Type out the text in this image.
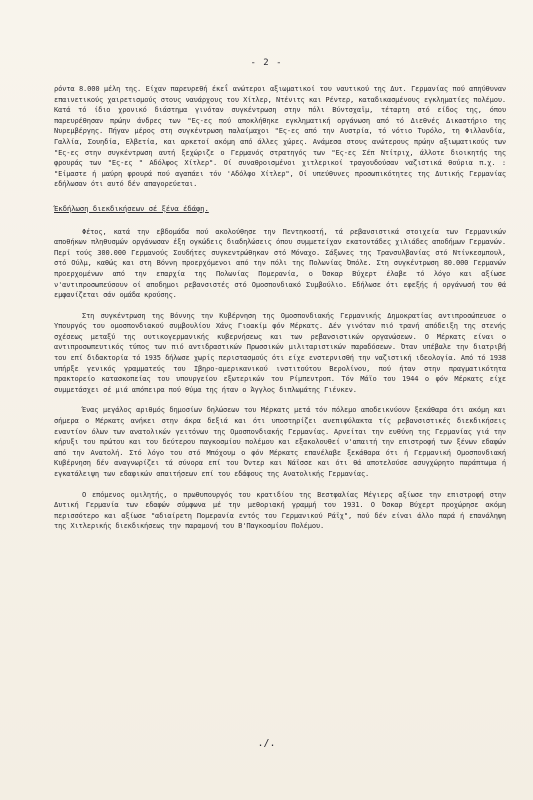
- 2 -

ρόντα 8.000 μέλη της. Είχαν παρευρεθή έκεΐ ανώτεροι αξιωματικοί του ναυτικού της Δυτ. Γερμανίας πού απηύθυναν επαινετικούς χαιρετισμούς στους ναυάρχους του Χίτλερ, Ντένιτς και Ρέντερ, καταδικασμένους εγκληματίες πολέμου. Κατά τό ίδιο χρονικό διάστημα γινόταν συγκέντρωση στην πόλι Βύντσχαϊμ, τέταρτη στό είδος της, όπου παρευρέθησαν πρώην άνδρες των "Ες-ες πού αποκλήθηκε εγκληματική οργάνωση από τό Διεθνές Δικαστήριο της Νυρεμβέργης. Πήγαν μέρος στη συγκέντρωση παλαίμαχοι "Ες-ες από την Αυστρία, τό νότιο Τυρόλο, τη Φιλλανδία, Γαλλία, Σουηδία, Ελβετία, και αρκετοί ακόμη από άλλες χώρες. Ανάμεσα στους ανώτερους πρώην αξιωματικούς των "Ες-ες στην συγκέντρωση αυτή ξεχώριζε ο Γερμανός στρατηγός των "Ες-ες Σέπ Ντίτριχ, άλλοτε διοικητής της φρουράς των "Ες-ες " Αδόλφος Χίτλερ". Οί συναθροισμένοι χιτλερικοί τραγουδούσαν ναζιστικά θούρια π.χ. : "Είμαστε ή μαύρη φρουρά πού αγαπάει τόν 'Αδόλφο Χίτλερ", Οί υπεύθυνες προσωπικότητες της Δυτικής Γερμανίας εδήλωσαν ότι αυτό δέν απαγορεύεται.

Έκδήλωση διεκδικήσεων σέ ξένα έδάφη.

Φέτος, κατά την εβδομάδα πού ακολούθησε την Πεντηκοστή, τά ρεβανσιστικά στοιχεία των Γερμανικών αποθήκων πληθυσμών οργάνωσαν έξη ογκώδεις διαδηλώσεις όπου συμμετείχαν εκατοντάδες χιλιάδες αποδήμων Γερμανών. Περί τούς 300.000 Γερμανούς Σουδήτες συγκεντρώθηκαν στό Μόναχο. Σάξωνες της Τρανσυλβανίας στό Ντίνκεσμπουλ, στό Ούλμ, καθώς και στη Βόννη προερχόμενοι από την πόλι της Πολωνίας Όπόλε. Στη συγκέντρωση 80.000 Γερμανών προερχομένων από την επαρχία της Πολωνίας Πομερανία, ο Όσκαρ Βύχερτ έλαβε τό λόγο και αξίωσε ν'αντιπροσωπεύσουν οί αποδημοι ρεβανσιστές στό Ομοσπονδιακό Συμβούλιο. Εδήλωσε ότι εφεξής ή οργάνωσή του θά εμφανίζεται σάν ομάδα κρούσης.

Στη συγκέντρωση της Βόννης την Κυβέρνηση της Ομοσπονδιακής Γερμανικής Δημοκρατίας αντιπροσώπευσε ο Υπουργός του ομοσπονδιακού συμβουλίου Χάνς Γιοακίμ φόν Μέρκατς. Δέν γινόταν πιό τρανή απόδειξη της στενής σχέσεως μεταξύ της ουτικογερμανικής κυβερνήσεως και των ρεβανσιστικών οργανώσεων. Ο Μέρκατς είναι ο αντιπροσωπευτικός τύπος των πιό αντιδραστικών Πρωσσικών μιλιταριστικών παραδόσεων. Όταν υπέβαλε την διατριβή του επί διδακτορία τό 1935 δήλωσε χωρίς περιστασμούς ότι είχε ενστερνισθή την ναζιστική ιδεολογία. Από τό 1938 υπήρξε γενικός γραμματεύς του Ιβηρο-αμερικανικού ινστιτούτου Βερολίνου, πού ήταν στην πραγματικότητα πρακτορείο κατασκοπείας του υπουργείου εξωτερικών του Ρίμπεντροπ. Τόν Μάϊο του 1944 ο φόν Μέρκατς είχε συμμετάσχει σέ μιά απόπειρα πού θύμα της ήταν ο Άγγλος διπλωμάτης Γιένκεν.

Ένας μεγάλος αριθμός δημοσίων δηλώσεων του Μέρκατς μετά τόν πόλεμο αποδεικνύουν ξεκάθαρα ότι ακόμη και σήμερα ο Μέρκατς ανήκει στην άκρα δεξιά και ότι υποστηρίζει ανεπιφύλακτα τίς ρεβανσιστικές διεκδικήσεις εναντίον όλων των ανατολικών γειτόνων της Ομοσπονδιακής Γερμανίας. Αρνείται την ευθύνη της Γερμανίας γιά την κήρυξι του πρώτου και του δεύτερου παγκοσμίου πολέμου και εξακολουθεί ν'απαιτή την επιστροφή των ξένων εδαφών από την Ανατολή. Στό λόγο του στό Μπόχουμ ο φόν Μέρκατς επανέλαβε ξεκάθαρα ότι ή Γερμανική Ομοσπονδιακή Κυβέρνηση δέν αναγνωρίζει τά σύνορα επί του Όντερ και Νάϊσσε και ότι θά αποτελούσε ασυγχώρητο παράπτωμα ή εγκατάλειψη των εδαφικών απαιτήσεων επί του εδάφους της Ανατολικής Γερμανίας.

Ο επόμενος ομιλητής, ο πρωθυπουργός του κρατιδίου της Βεστφαλίας Μέγιερς αξίωσε την επιστροφή στην Δυτική Γερμανία των εδαφών σύμφωνα μέ την μεθοριακή γραμμή του 1931. Ο Όσκαρ Βύχερτ προχώρησε ακόμη περισσότερο και αξίωσε "αδιαίρετη Πομερανία εντός του Γερμανικού Ράϊχ", πού δέν είναι άλλο παρά ή επανάληψη της Χιτλερικής διεκδικήσεως την παραμονή του Β'Παγκοσμίου Πολέμου.

./.
